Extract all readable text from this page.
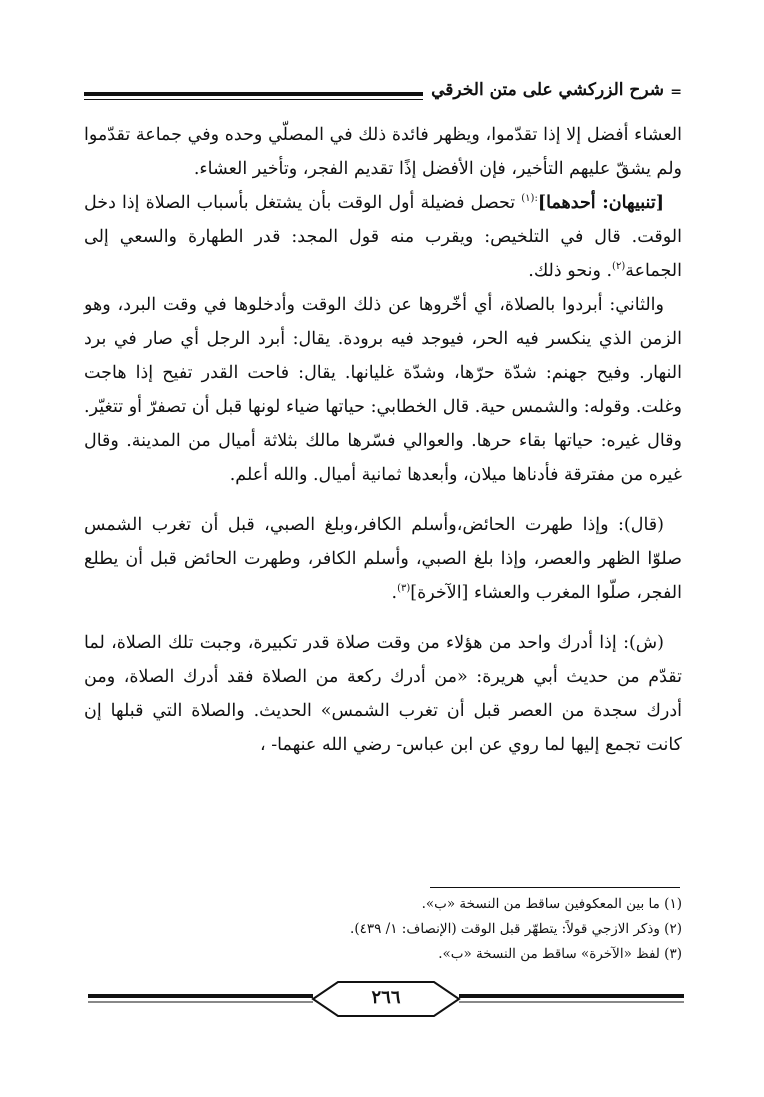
شرح الزركشي على متن الخرقي =

العشاء أفضل إلا إذا تقدّموا، ويظهر فائدة ذلك في المصلّي وحده وفي جماعة تقدّموا ولم يشقّ عليهم التأخير، فإن الأفضل إذًا تقديم الفجر، وتأخير العشاء.

[تنبيهان: أحدهما]$^{:(١)}$ تحصل فضيلة أول الوقت بأن يشتغل بأسباب الصلاة إذا دخل الوقت. قال في التلخيص: ويقرب منه قول المجد: قدر الطهارة والسعي إلى الجماعة$^{(٢)}$. ونحو ذلك.

والثاني: أبردوا بالصلاة، أي أخّروها عن ذلك الوقت وأدخلوها في وقت البرد، وهو الزمن الذي ينكسر فيه الحر، فيوجد فيه برودة. يقال: أبرد الرجل أي صار في برد النهار. وفيح جهنم: شدّة حرّها، وشدّة غليانها. يقال: فاحت القدر تفيح إذا هاجت وغلت. وقوله: والشمس حية. قال الخطابي: حياتها ضياء لونها قبل أن تصفرّ أو تتغيّر. وقال غيره: حياتها بقاء حرها. والعوالي فسّرها مالك بثلاثة أميال من المدينة. وقال غيره من مفترقة فأدناها ميلان، وأبعدها ثمانية أميال. والله أعلم.

(قال): وإذا طهرت الحائض،وأسلم الكافر،وبلغ الصبي، قبل أن تغرب الشمس صلوّا الظهر والعصر، وإذا بلغ الصبي، وأسلم الكافر، وطهرت الحائض قبل أن يطلع الفجر، صلّوا المغرب والعشاء [الآخرة]$^{(٣)}$.

(ش): إذا أدرك واحد من هؤلاء من وقت صلاة قدر تكبيرة، وجبت تلك الصلاة، لما تقدّم من حديث أبي هريرة: «من أدرك ركعة من الصلاة فقد أدرك الصلاة، ومن أدرك سجدة من العصر قبل أن تغرب الشمس» الحديث. والصلاة التي قبلها إن كانت تجمع إليها لما روي عن ابن عباس- رضي الله عنهما- ،

(١) ما بين المعكوفين ساقط من النسخة «ب».
(٢) وذكر الازجي قولاً: يتطهّر قبل الوقت (الإنصاف: ١/ ٤٣٩).
(٣) لفظ «الآخرة» ساقط من النسخة «ب».
٢٦٦
